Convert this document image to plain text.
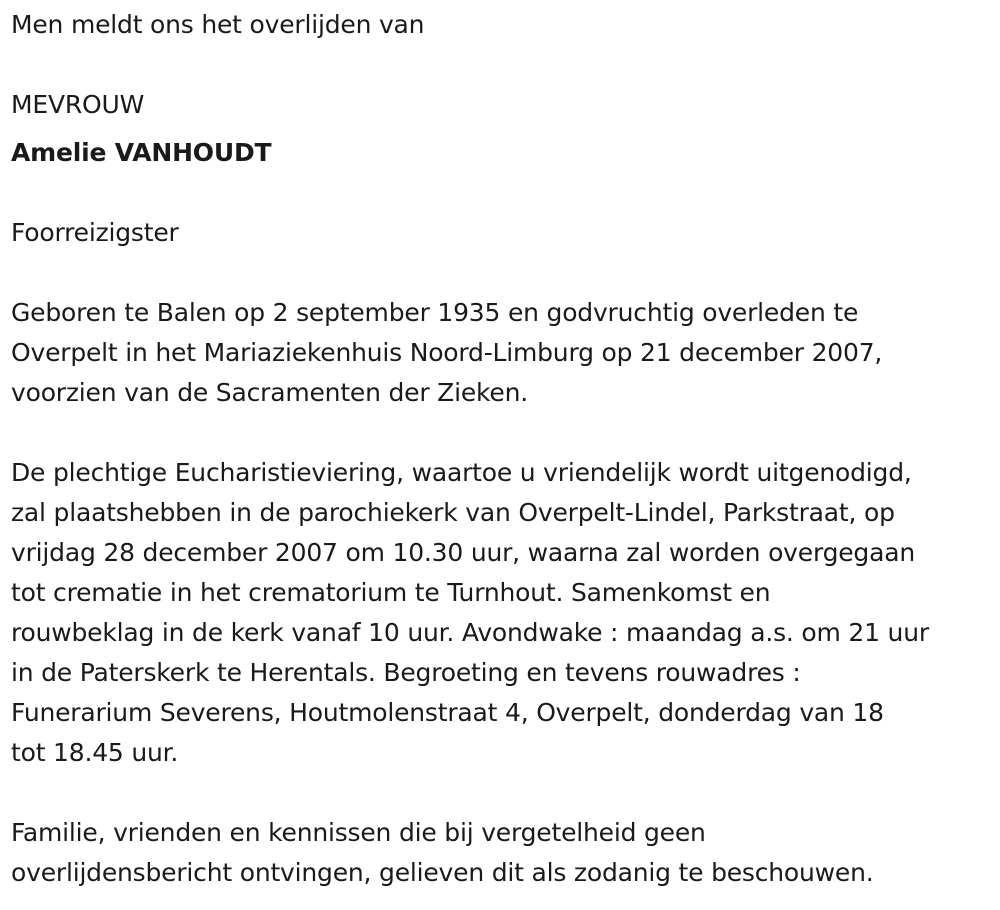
Men meldt ons het overlijden van
MEVROUW
Amelie VANHOUDT
Foorreizigster
Geboren te Balen op 2 september 1935 en godvruchtig overleden te
Overpelt in het Mariaziekenhuis Noord-Limburg op 21 december 2007,
voorzien van de Sacramenten der Zieken.
De plechtige Eucharistieviering, waartoe u vriendelijk wordt uitgenodigd,
zal plaatshebben in de parochiekerk van Overpelt-Lindel, Parkstraat, op
vrijdag 28 december 2007 om 10.30 uur, waarna zal worden overgegaan
tot crematie in het crematorium te Turnhout. Samenkomst en
rouwbeklag in de kerk vanaf 10 uur. Avondwake : maandag a.s. om 21 uur
in de Paterskerk te Herentals. Begroeting en tevens rouwadres :
Funerarium Severens, Houtmolenstraat 4, Overpelt, donderdag van 18
tot 18.45 uur.
Familie, vrienden en kennissen die bij vergetelheid geen
overlijdensbericht ontvingen, gelieven dit als zodanig te beschouwen.
